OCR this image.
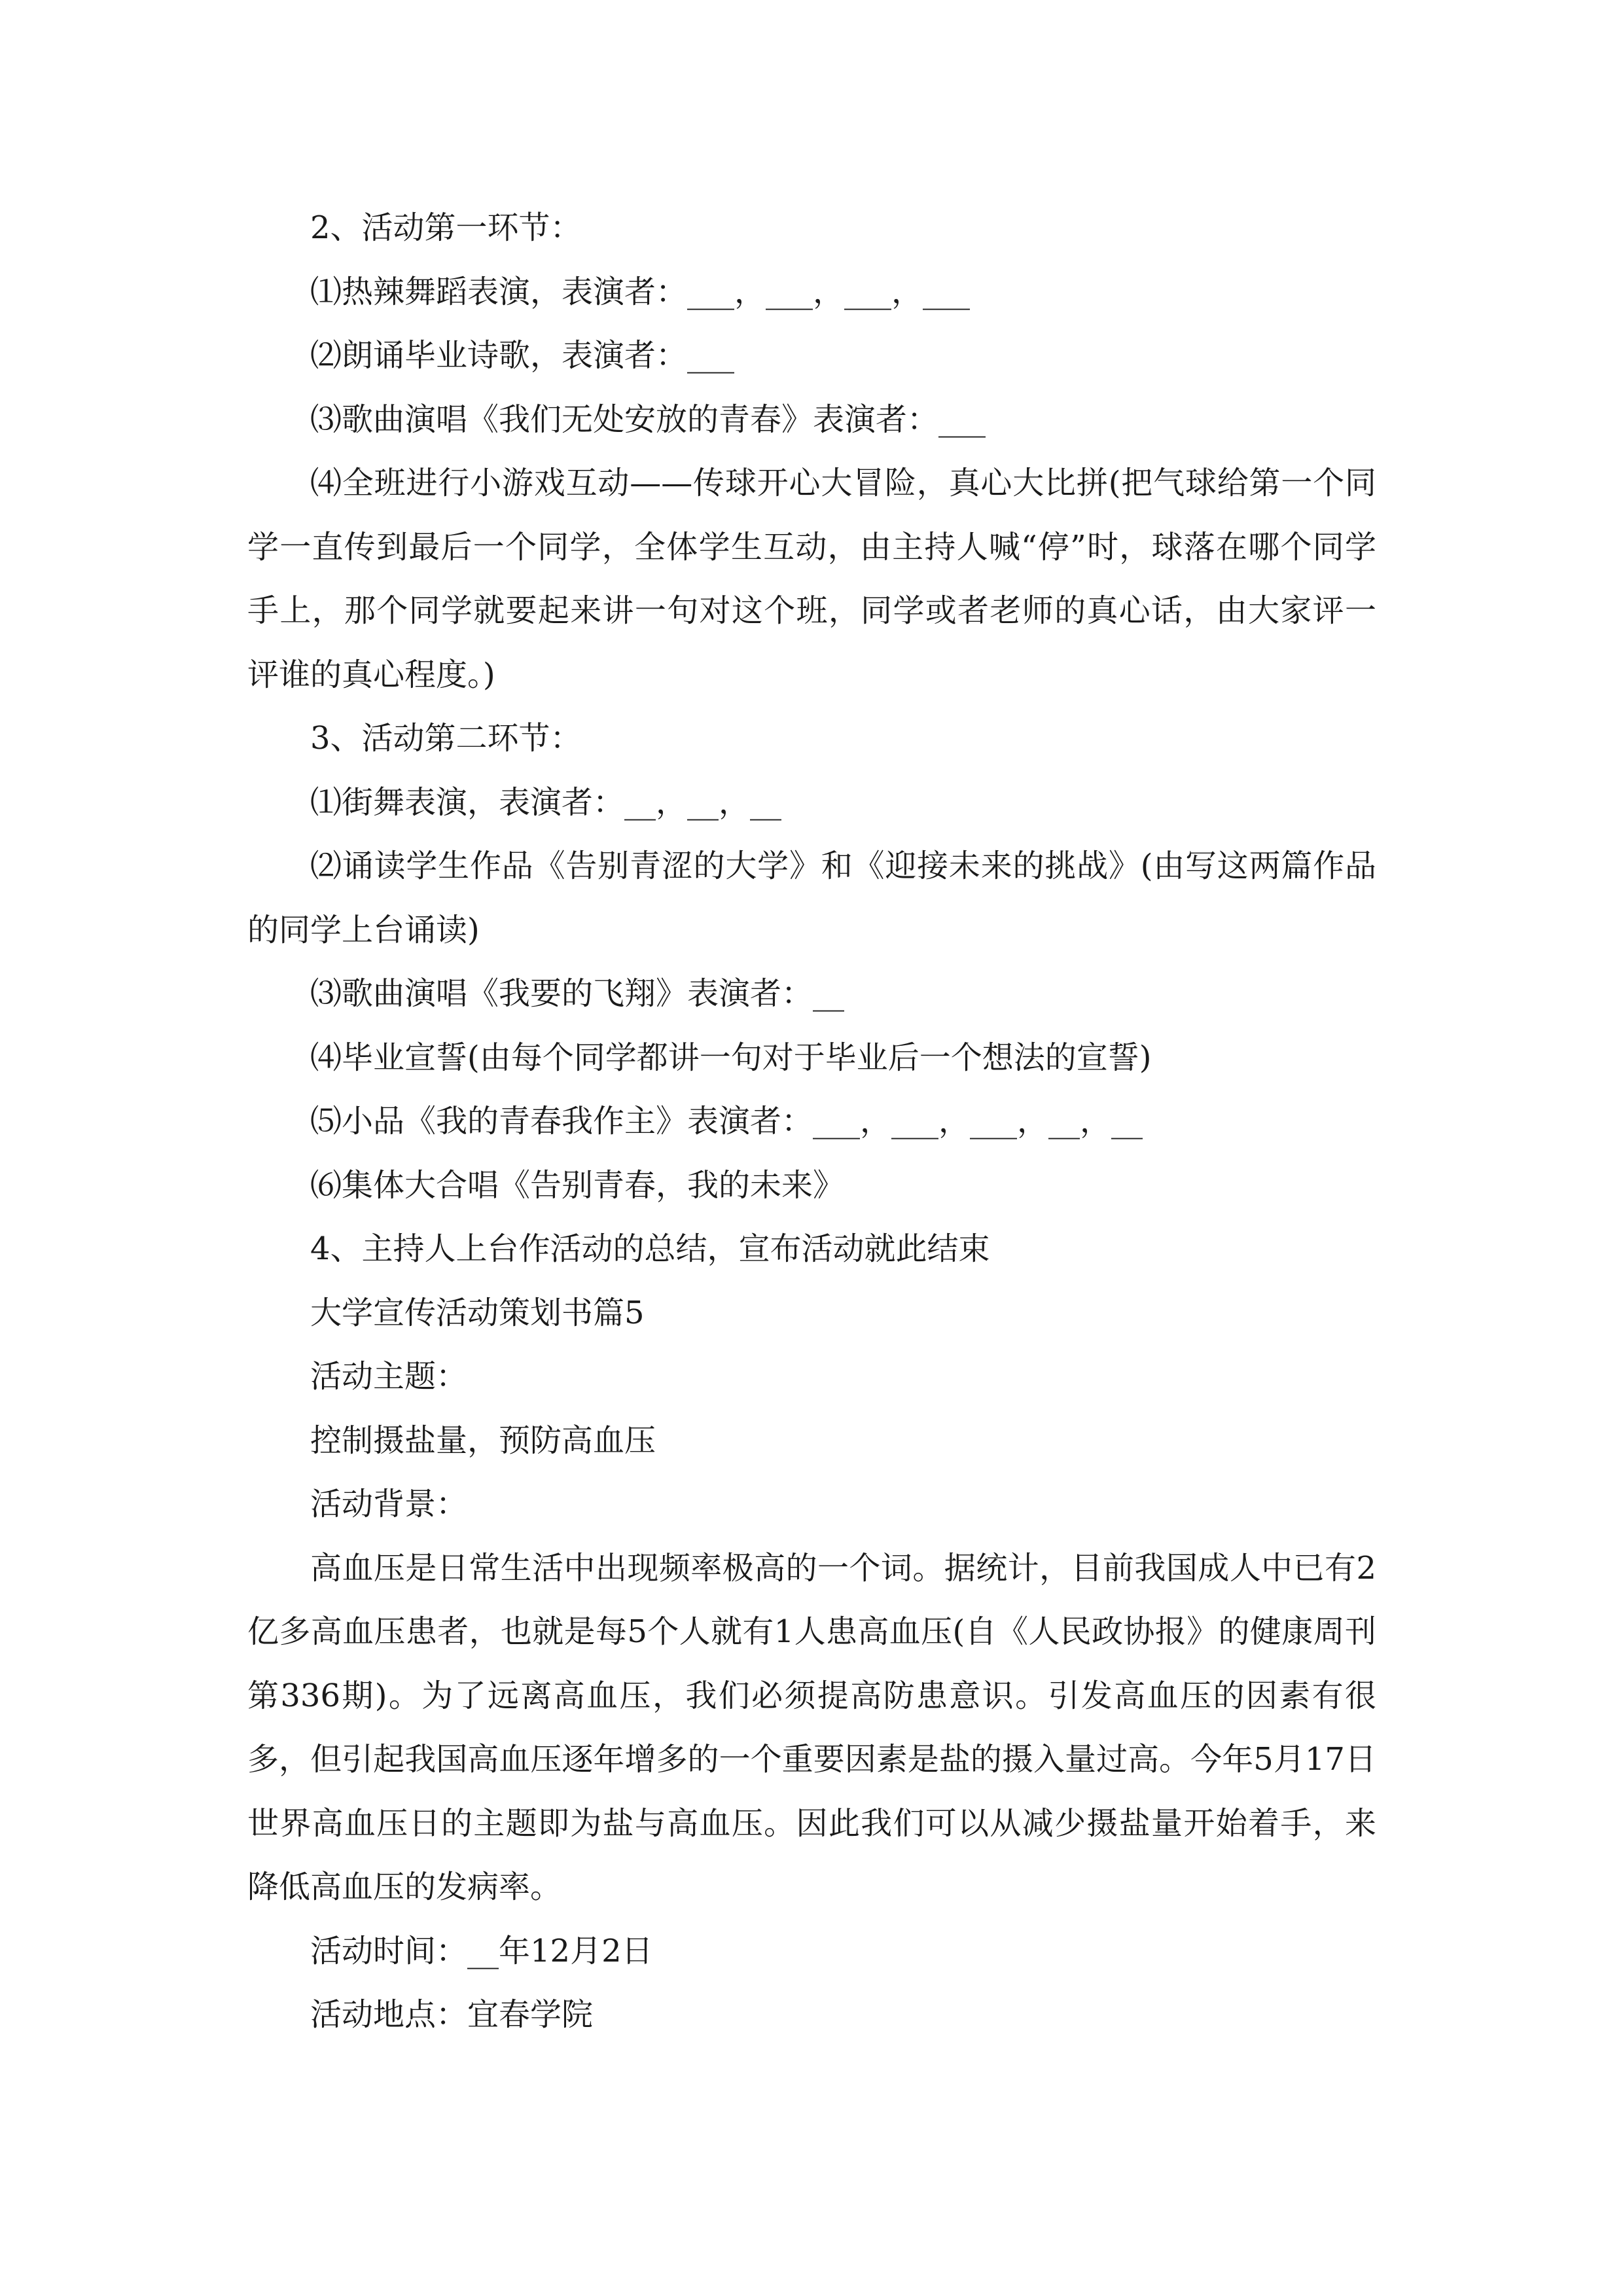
2、活动第一环节：

⑴热辣舞蹈表演，表演者：___，___，___，___

⑵朗诵毕业诗歌，表演者：___

⑶歌曲演唱《我们无处安放的青春》表演者：___

⑷全班进行小游戏互动——传球开心大冒险，真心大比拼(把气球给第一个同学一直传到最后一个同学，全体学生互动，由主持人喊“停”时，球落在哪个同学手上，那个同学就要起来讲一句对这个班，同学或者老师的真心话，由大家评一评谁的真心程度。)

3、活动第二环节：

⑴街舞表演，表演者：__，__，__

⑵诵读学生作品《告别青涩的大学》和《迎接未来的挑战》(由写这两篇作品的同学上台诵读)

⑶歌曲演唱《我要的飞翔》表演者：__

⑷毕业宣誓(由每个同学都讲一句对于毕业后一个想法的宣誓)

⑸小品《我的青春我作主》表演者：___，___，___，__，__

⑹集体大合唱《告别青春，我的未来》

4、主持人上台作活动的总结，宣布活动就此结束

大学宣传活动策划书篇5

活动主题：

控制摄盐量，预防高血压

活动背景：

高血压是日常生活中出现频率极高的一个词。据统计，目前我国成人中已有2亿多高血压患者，也就是每5个人就有1人患高血压(自《人民政协报》的健康周刊第336期)。为了远离高血压，我们必须提高防患意识。引发高血压的因素有很多，但引起我国高血压逐年增多的一个重要因素是盐的摄入量过高。今年5月17日世界高血压日的主题即为盐与高血压。因此我们可以从减少摄盐量开始着手，来降低高血压的发病率。

活动时间：__年12月2日

活动地点：宜春学院
